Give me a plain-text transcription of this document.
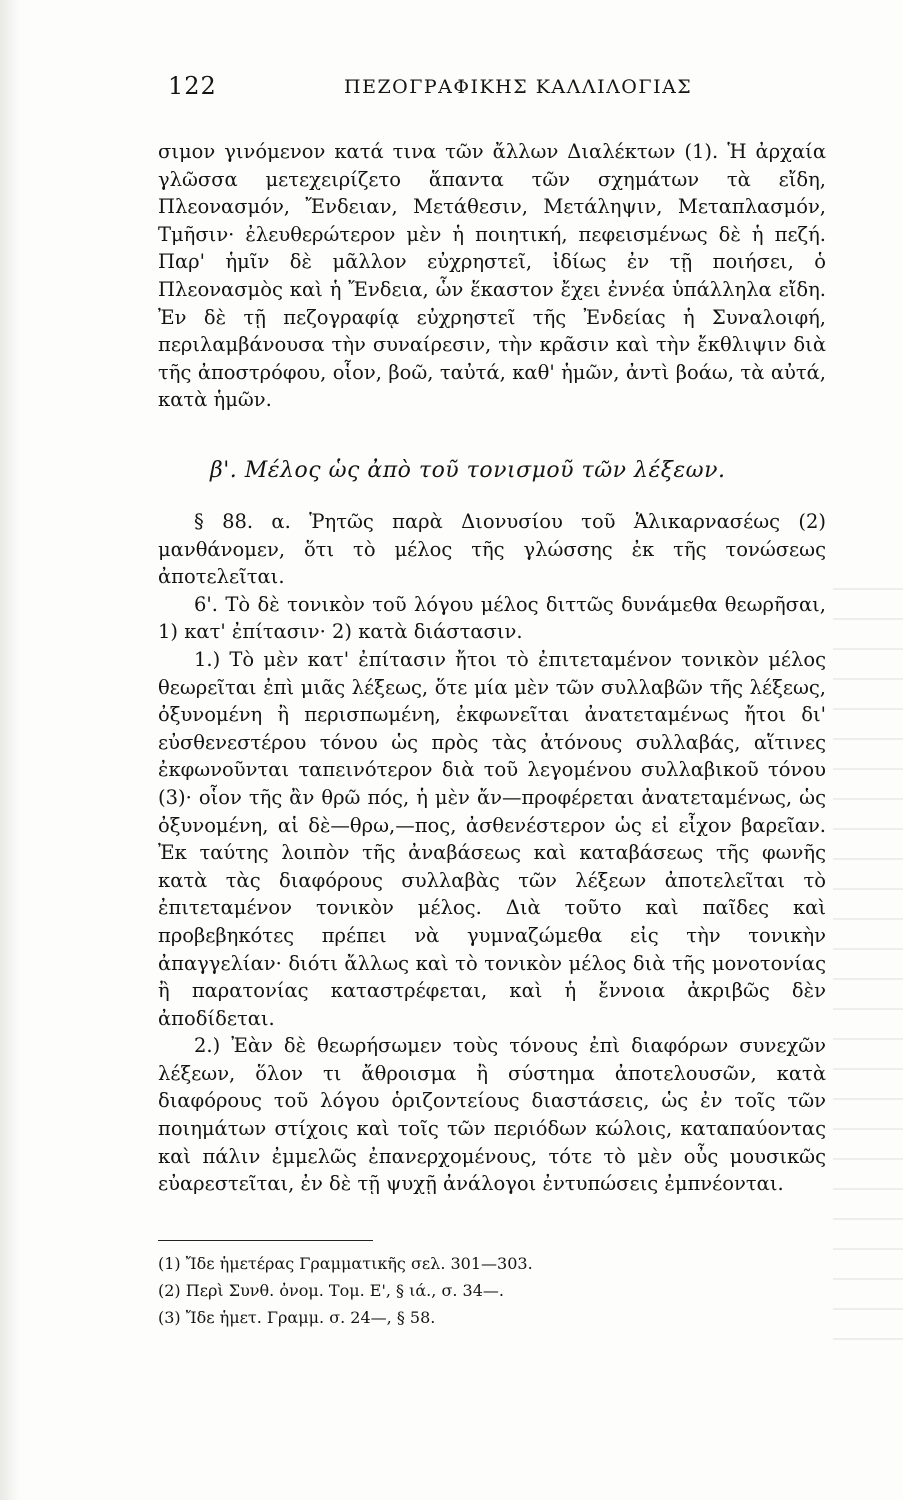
122	ΠΕΖΟΓΡΑΦΙΚΗΣ ΚΑΛΛΙΛΟΓΙΑΣ

σιμον γινόμενον κατά τινα τῶν ἄλλων Διαλέκτων (1). Ἡ ἀρχαία γλῶσσα μετεχειρίζετο ἅπαντα τῶν σχημάτων τὰ εἴδη, Πλεονασμόν, Ἔνδειαν, Μετάθεσιν, Μετάληψιν, Μεταπλασμόν, Τμῆσιν· ἐλευθερώτερον μὲν ἡ ποιητική, πεφεισμένως δὲ ἡ πεζή. Παρ' ἡμῖν δὲ μᾶλλον εὐχρηστεῖ, ἰδίως ἐν τῇ ποιήσει, ὁ Πλεονασμὸς καὶ ἡ Ἔνδεια, ὧν ἕκαστον ἔχει ἐννέα ὑπάλληλα εἴδη. Ἐν δὲ τῇ πεζογραφίᾳ εὐχρηστεῖ τῆς Ἐνδείας ἡ Συναλοιφή, περιλαμβάνουσα τὴν συναίρεσιν, τὴν κρᾶσιν καὶ τὴν ἔκθλιψιν διὰ τῆς ἀποστρόφου, οἷον, βοῶ, ταὐτά, καθ' ἡμῶν, ἀντὶ βοάω, τὰ αὐτά, κατὰ ἡμῶν.

β'. Μέλος ὡς ἀπὸ τοῦ τονισμοῦ τῶν λέξεων.

§ 88. α. Ῥητῶς παρὰ Διονυσίου τοῦ Ἁλικαρνασέως (2) μανθάνομεν, ὅτι τὸ μέλος τῆς γλώσσης ἐκ τῆς τονώσεως ἀποτελεῖται.

6'. Τὸ δὲ τονικὸν τοῦ λόγου μέλος διττῶς δυνάμεθα θεωρῆσαι, 1) κατ' ἐπίτασιν· 2) κατὰ διάστασιν.

1.) Τὸ μὲν κατ' ἐπίτασιν ἤτοι τὸ ἐπιτεταμένον τονικὸν μέλος θεωρεῖται ἐπὶ μιᾶς λέξεως, ὅτε μία μὲν τῶν συλλαβῶν τῆς λέξεως, ὀξυνομένη ἢ περισπωμένη, ἐκφωνεῖται ἀνατεταμένως ἤτοι δι' εὐσθενεστέρου τόνου ὡς πρὸς τὰς ἀτόνους συλλαβάς, αἵτινες ἐκφωνοῦνται ταπεινότερον διὰ τοῦ λεγομένου συλλαβικοῦ τόνου (3)· οἷον τῆς ἂν θρῶ πός, ἡ μὲν ἄν—προφέρεται ἀνατεταμένως, ὡς ὀξυνομένη, αἱ δὲ—θρω,—πος, ἀσθενέστερον ὡς εἰ εἶχον βαρεῖαν. Ἐκ ταύτης λοιπὸν τῆς ἀναβάσεως καὶ καταβάσεως τῆς φωνῆς κατὰ τὰς διαφόρους συλλαβὰς τῶν λέξεων ἀποτελεῖται τὸ ἐπιτεταμένον τονικὸν μέλος. Διὰ τοῦτο καὶ παῖδες καὶ προβεβηκότες πρέπει νὰ γυμναζώμεθα εἰς τὴν τονικὴν ἀπαγγελίαν· διότι ἄλλως καὶ τὸ τονικὸν μέλος διὰ τῆς μονοτονίας ἢ παρατονίας καταστρέφεται, καὶ ἡ ἔννοια ἀκριβῶς δὲν ἀποδίδεται.

2.) Ἐὰν δὲ θεωρήσωμεν τοὺς τόνους ἐπὶ διαφόρων συνεχῶν λέξεων, ὅλον τι ἄθροισμα ἢ σύστημα ἀποτελουσῶν, κατὰ διαφόρους τοῦ λόγου ὁριζοντείους διαστάσεις, ὡς ἐν τοῖς τῶν ποιημάτων στίχοις καὶ τοῖς τῶν περιόδων κώλοις, καταπαύοντας καὶ πάλιν ἐμμελῶς ἐπανερχομένους, τότε τὸ μὲν οὖς μουσικῶς εὐαρεστεῖται, ἐν δὲ τῇ ψυχῇ ἀνάλογοι ἐντυπώσεις ἐμπνέονται.

(1) Ἴδε ἡμετέρας Γραμματικῆς σελ. 301—303.
(2) Περὶ Συνθ. ὀνομ. Τομ. Ε', § ιά., σ. 34—.
(3) Ἴδε ἡμετ. Γραμμ. σ. 24—, § 58.
